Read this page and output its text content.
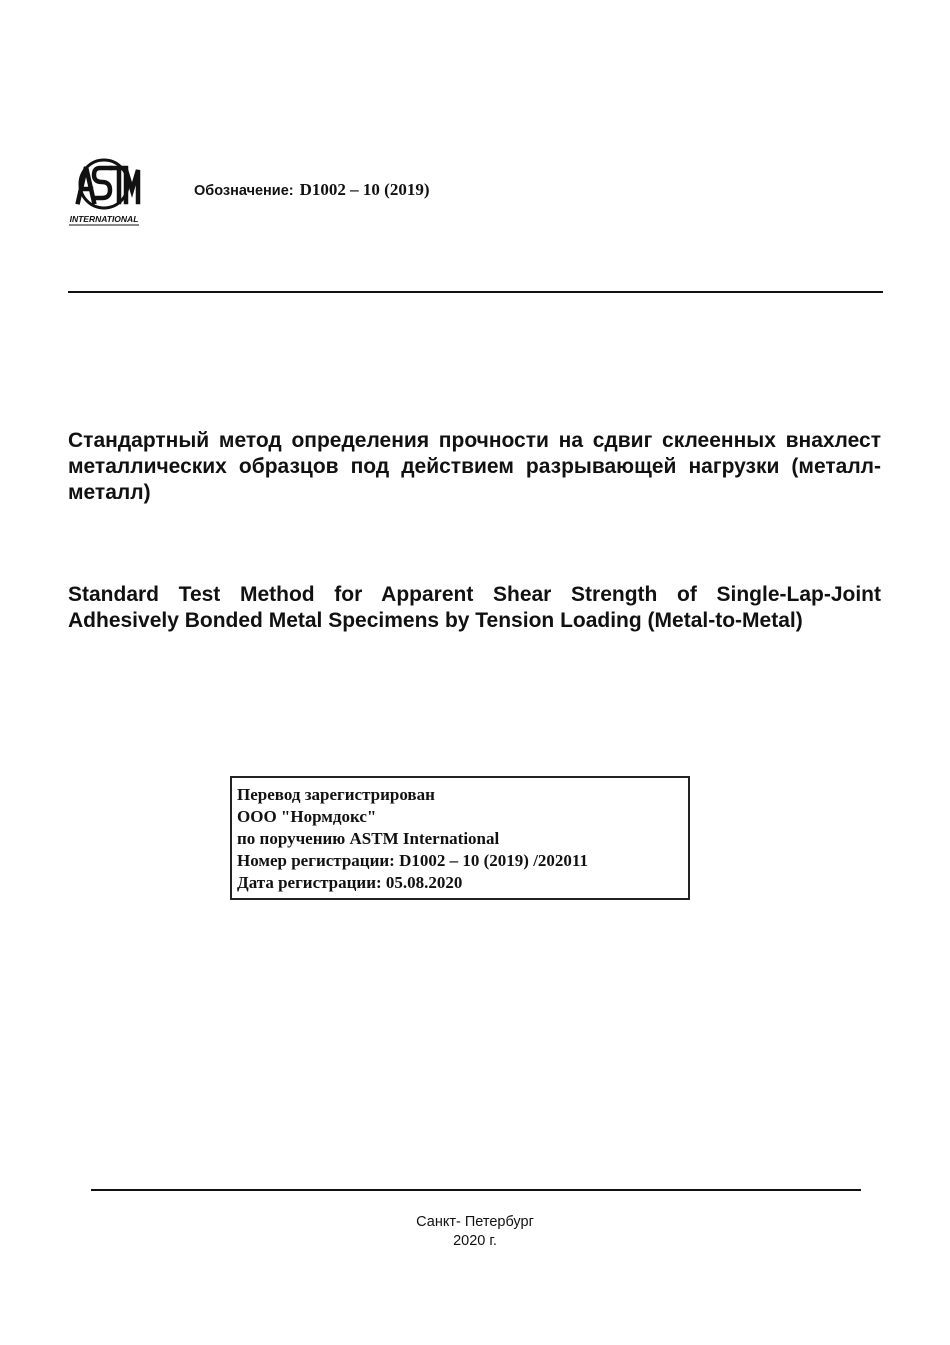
INTERNATIONAL
Обозначение: D1002 – 10 (2019)
Стандартный метод определения прочности на сдвиг склеенных внахлест металлических образцов под действием разрывающей нагрузки (металл-металл)
Standard Test Method for Apparent Shear Strength of Single-Lap-Joint Adhesively Bonded Metal Specimens by Tension Loading (Metal-to-Metal)
Перевод зарегистрирован
ООО "Нормдокс"
по поручению ASTM International
Номер регистрации: D1002 – 10 (2019) /202011
Дата регистрации: 05.08.2020
Санкт- Петербург
2020 г.
